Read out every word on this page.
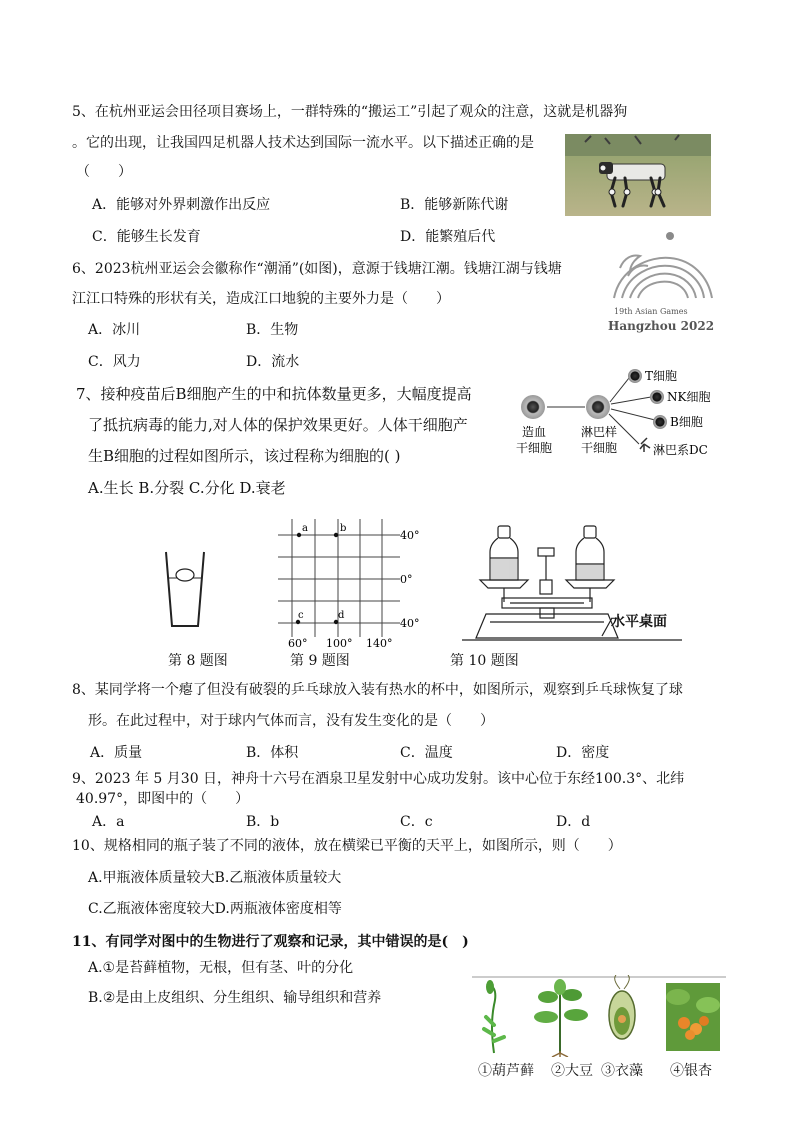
5、在杭州亚运会田径项目赛场上，一群特殊的“搬运工”引起了观众的注意，这就是机器狗
。它的出现，让我国四足机器人技术达到国际一流水平。以下描述正确的是
（　　）
A．能够对外界刺激作出反应	B．能够新陈代谢
C．能够生长发育	D．能繁殖后代
6、2023杭州亚运会会徽称作“潮涌”(如图)，意源于钱塘江潮。钱塘江湖与钱塘
江江口特殊的形状有关，造成江口地貌的主要外力是（　　）
A．冰川	B．生物
C．风力	D．流水
19th Asian Games
Hangzhou 2022
7、接种疫苗后B细胞产生的中和抗体数量更多，大幅度提高
了抵抗病毒的能力,对人体的保护效果更好。人体干细胞产
生B细胞的过程如图所示，该过程称为细胞的( )
A.生长 B.分裂 C.分化 D.衰老
T细胞
NK细胞
B细胞
淋巴系DC
造血
干细胞
淋巴样
干细胞
a	b
c	d
40°
0°
40°
60° 100° 140°
水平桌面
第 8 题图	第 9 题图	第 10 题图
8、某同学将一个瘪了但没有破裂的乒乓球放入装有热水的杯中，如图所示，观察到乒乓球恢复了球
形。在此过程中，对于球内气体而言，没有发生变化的是（　　）
A．质量	B．体积	C．温度	D．密度
9、2023 年 5 月30 日，神舟十六号在酒泉卫星发射中心成功发射。该中心位于东经100.3°、北纬
40.97°，即图中的（　　）
A．a	B．b	C．c	D．d
10、规格相同的瓶子装了不同的液体，放在横梁已平衡的天平上，如图所示，则（　　）
A.甲瓶液体质量较大B.乙瓶液体质量较大
C.乙瓶液体密度较大D.两瓶液体密度相等
11、有同学对图中的生物进行了观察和记录，其中错误的是(　)
A.①是苔藓植物，无根，但有茎、叶的分化
B.②是由上皮组织、分生组织、输导组织和营养
①葫芦藓 ②大豆 ③衣藻 ④银杏
